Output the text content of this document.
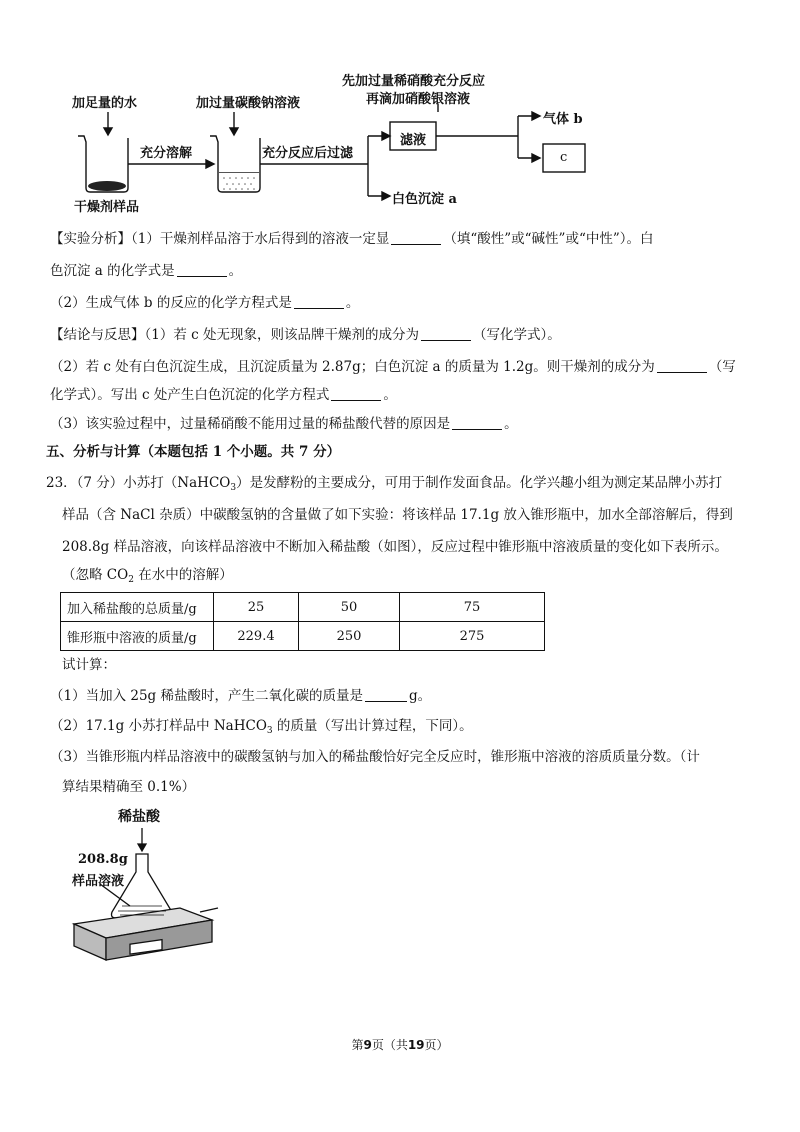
加足量的水	加过量碳酸钠溶液
先加过量稀硝酸充分反应
再滴加硝酸银溶液
充分溶解	充分反应后过滤
滤液
气体 b
c
白色沉淀 a
干燥剂样品
【实验分析】（1）干燥剂样品溶于水后得到的溶液一定显	（填“酸性”或“碱性”或“中性”）。白
色沉淀 a 的化学式是	。
（2）生成气体 b 的反应的化学方程式是	。
【结论与反思】（1）若 c 处无现象，则该品牌干燥剂的成分为	（写化学式）。
（2）若 c 处有白色沉淀生成，且沉淀质量为 2.87g；白色沉淀 a 的质量为 1.2g。则干燥剂的成分为	（写
化学式）。写出 c 处产生白色沉淀的化学方程式	。
（3）该实验过程中，过量稀硝酸不能用过量的稀盐酸代替的原因是	。
五、分析与计算（本题包括 1 个小题。共 7 分）
23．（7 分）小苏打（NaHCO$_3$）是发酵粉的主要成分，可用于制作发面食品。化学兴趣小组为测定某品牌小苏打
样品（含 NaCl 杂质）中碳酸氢钠的含量做了如下实验：将该样品 17.1g 放入锥形瓶中，加水全部溶解后，得到
208.8g 样品溶液，向该样品溶液中不断加入稀盐酸（如图），反应过程中锥形瓶中溶液质量的变化如下表所示。
（忽略 $CO_2$ 在水中的溶解）
加入稀盐酸的总质量/g	25	50	75
锥形瓶中溶液的质量/g	229.4	250	275
试计算：
（1）当加入 25g 稀盐酸时，产生二氧化碳的质量是	g。
（2）17.1g 小苏打样品中 NaHCO$_3$ 的质量（写出计算过程，下同）。
（3）当锥形瓶内样品溶液中的碳酸氢钠与加入的稀盐酸恰好完全反应时，锥形瓶中溶液的溶质质量分数。（计
算结果精确至 0.1%）
稀盐酸
208.8g
样品溶液
第9页（共19页）
